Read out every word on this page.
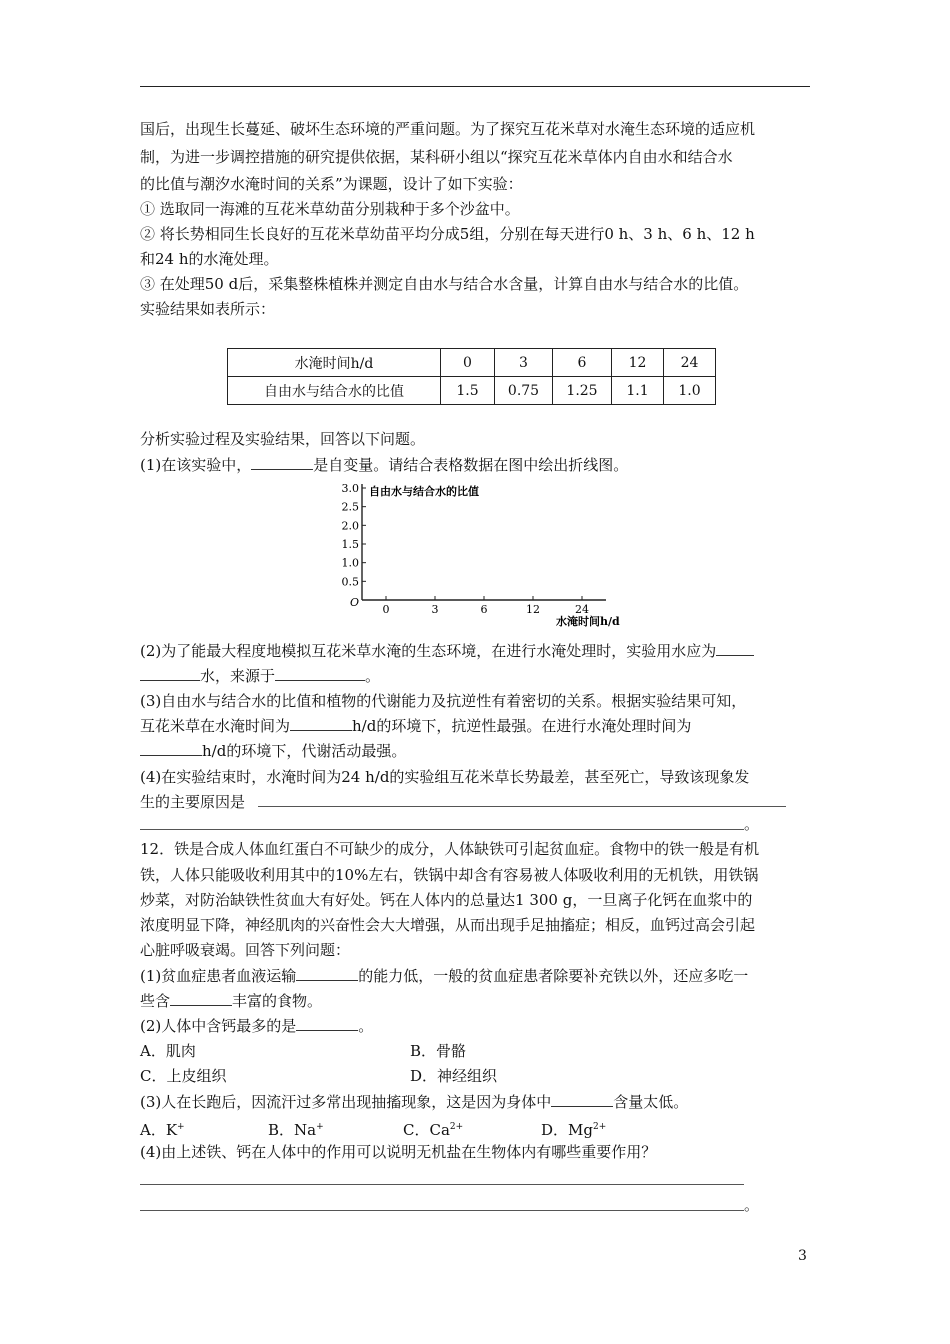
国后，出现生长蔓延、破坏生态环境的严重问题。为了探究互花米草对水淹生态环境的适应机
制，为进一步调控措施的研究提供依据，某科研小组以“探究互花米草体内自由水和结合水
的比值与潮汐水淹时间的关系”为课题，设计了如下实验：
① 选取同一海滩的互花米草幼苗分别栽种于多个沙盆中。
② 将长势相同生长良好的互花米草幼苗平均分成5组，分别在每天进行0 h、3 h、6 h、12 h
和24 h的水淹处理。
③ 在处理50 d后，采集整株植株并测定自由水与结合水含量，计算自由水与结合水的比值。
实验结果如表所示：
水淹时间h/d	0	3	6	12	24
自由水与结合水的比值	1.5	0.75	1.25	1.1	1.0
分析实验过程及实验结果，回答以下问题。
(1)在该实验中，	是自变量。请结合表格数据在图中绘出折线图。
自由水与结合水的比值
O
水淹时间h/d
0.5
1.0
1.5
2.0
2.5
3.0
0	3	6	12	24
(2)为了能最大程度地模拟互花米草水淹的生态环境，在进行水淹处理时，实验用水应为
水，来源于	。
(3)自由水与结合水的比值和植物的代谢能力及抗逆性有着密切的关系。根据实验结果可知，
互花米草在水淹时间为	h/d的环境下，抗逆性最强。在进行水淹处理时间为
h/d的环境下，代谢活动最强。
(4)在实验结束时，水淹时间为24 h/d的实验组互花米草长势最差，甚至死亡，导致该现象发
生的主要原因是
。
12．铁是合成人体血红蛋白不可缺少的成分，人体缺铁可引起贫血症。食物中的铁一般是有机
铁，人体只能吸收利用其中的10%左右，铁锅中却含有容易被人体吸收利用的无机铁，用铁锅
炒菜，对防治缺铁性贫血大有好处。钙在人体内的总量达1 300 g，一旦离子化钙在血浆中的
浓度明显下降，神经肌肉的兴奋性会大大增强，从而出现手足抽搐症；相反，血钙过高会引起
心脏呼吸衰竭。回答下列问题：
(1)贫血症患者血液运输	的能力低，一般的贫血症患者除要补充铁以外，还应多吃一
些含	丰富的食物。
(2)人体中含钙最多的是	。
A．肌肉	B．骨骼
C．上皮组织	D．神经组织
(3)人在长跑后，因流汗过多常出现抽搐现象，这是因为身体中	含量太低。
A．K+	B．Na+	C．$Ca^{2+}$	D．$Mg^{2+}$
(4)由上述铁、钙在人体中的作用可以说明无机盐在生物体内有哪些重要作用？
。
3
